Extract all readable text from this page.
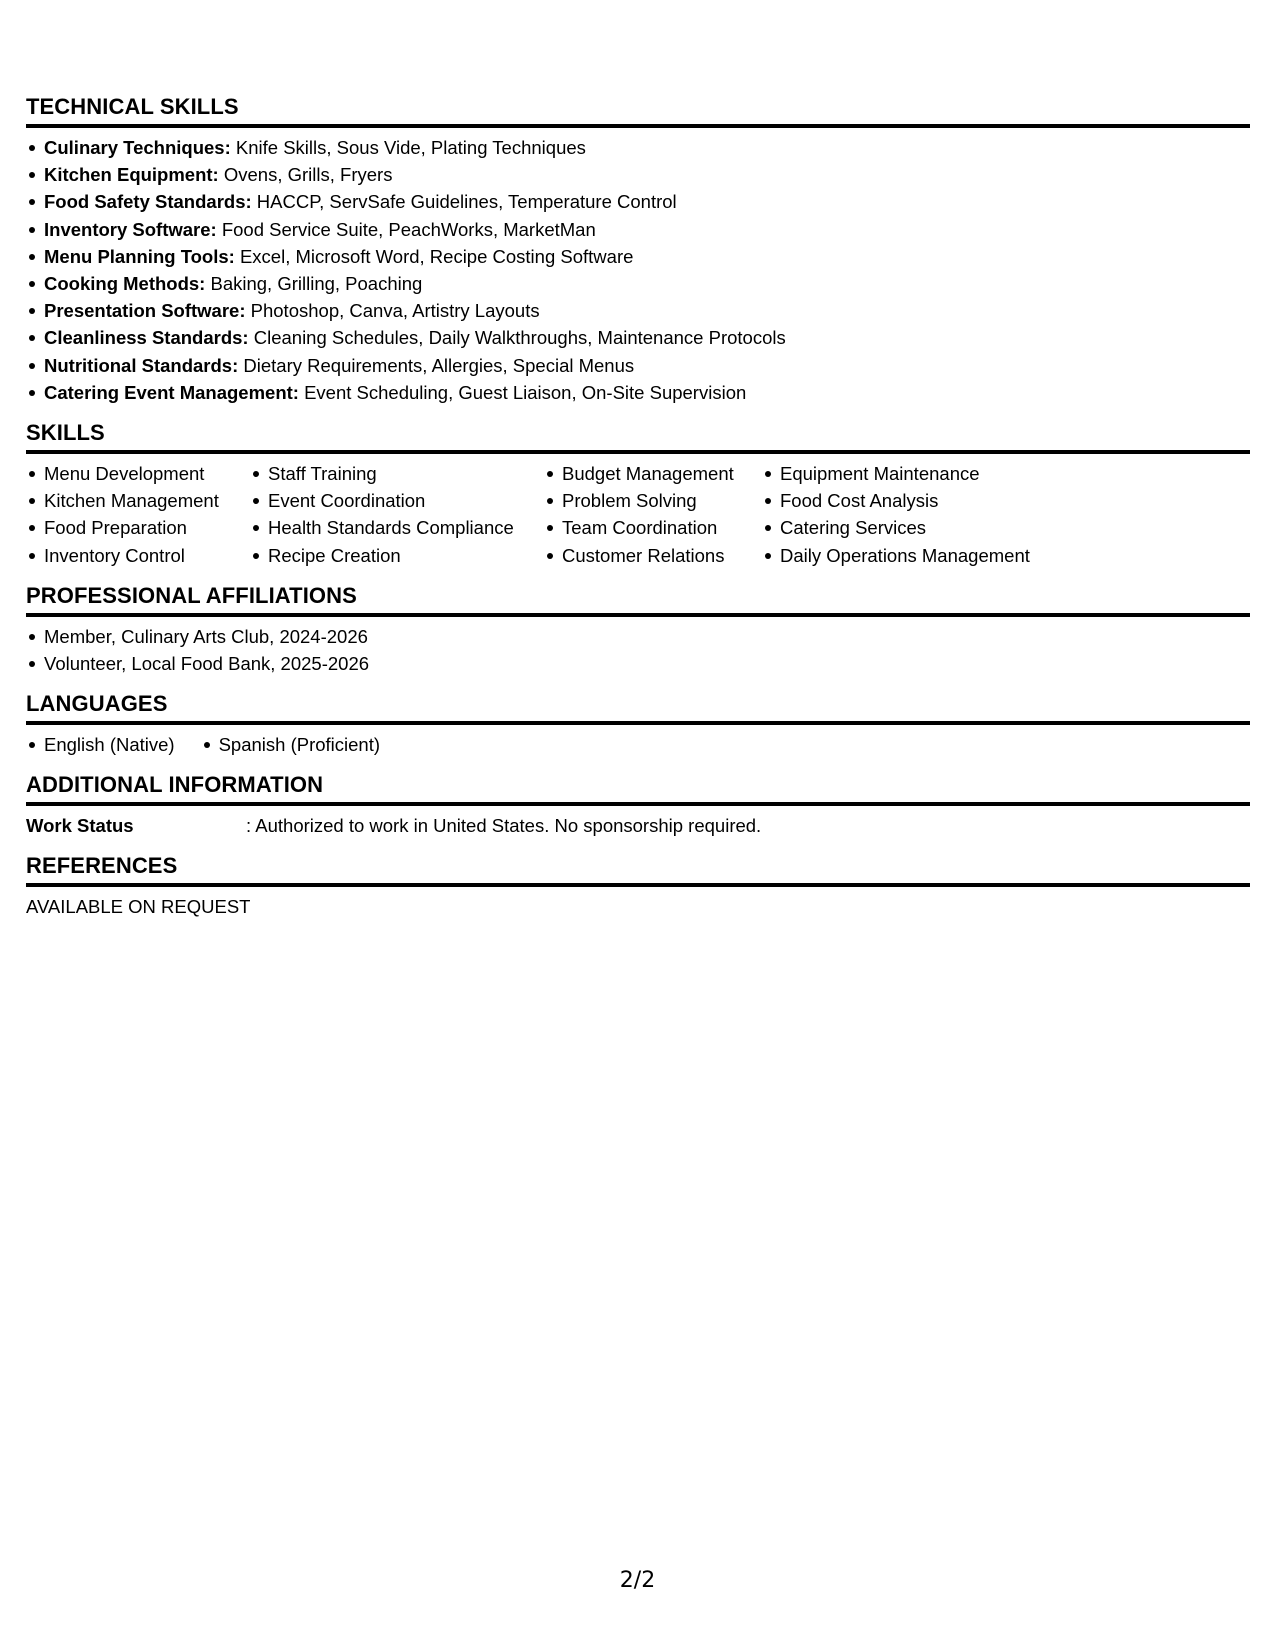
TECHNICAL SKILLS
Culinary Techniques: Knife Skills, Sous Vide, Plating Techniques
Kitchen Equipment: Ovens, Grills, Fryers
Food Safety Standards: HACCP, ServSafe Guidelines, Temperature Control
Inventory Software: Food Service Suite, PeachWorks, MarketMan
Menu Planning Tools: Excel, Microsoft Word, Recipe Costing Software
Cooking Methods: Baking, Grilling, Poaching
Presentation Software: Photoshop, Canva, Artistry Layouts
Cleanliness Standards: Cleaning Schedules, Daily Walkthroughs, Maintenance Protocols
Nutritional Standards: Dietary Requirements, Allergies, Special Menus
Catering Event Management: Event Scheduling, Guest Liaison, On-Site Supervision
SKILLS
Menu Development
Kitchen Management
Food Preparation
Inventory Control
Staff Training
Event Coordination
Health Standards Compliance
Recipe Creation
Budget Management
Problem Solving
Team Coordination
Customer Relations
Equipment Maintenance
Food Cost Analysis
Catering Services
Daily Operations Management
PROFESSIONAL AFFILIATIONS
Member, Culinary Arts Club, 2024-2026
Volunteer, Local Food Bank, 2025-2026
LANGUAGES
English (Native) Spanish (Proficient)
ADDITIONAL INFORMATION
Work Status	: Authorized to work in United States. No sponsorship required.
REFERENCES
AVAILABLE ON REQUEST
2/2
